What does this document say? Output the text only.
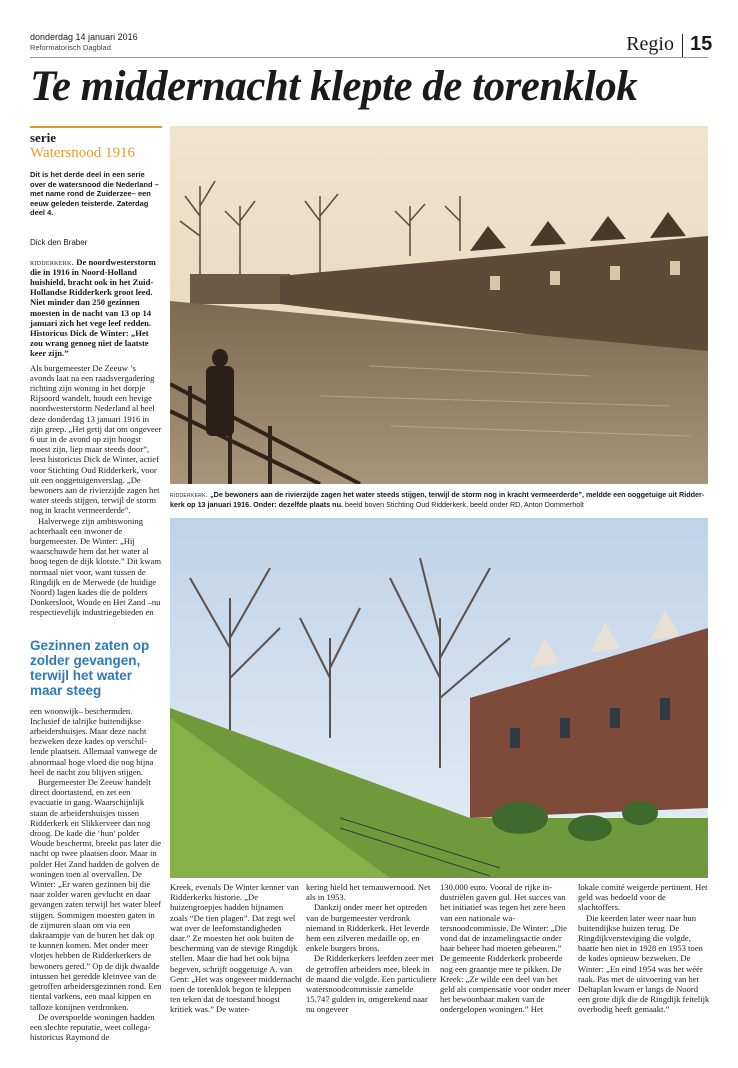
donderdag 14 januari 2016
Reformatorisch Dagblad	Regio 15
Te middernacht klepte de torenklok
serie
Watersnood 1916
Dit is het derde deel in een serie over de watersnood die Nederland –met name rond de Zuiderzee– een eeuw geleden teisterde. Zaterdag deel 4.
Dick den Braber
ridderkerk. De noordwesterstorm die in 1916 in Noord-Holland huishield, bracht ook in het Zuid-Hollandse Ridderkerk groot leed. Niet minder dan 250 gezinnen moesten in de nacht van 13 op 14 januari zich het vege leef redden. Historicus Dick de Winter: „Het zou wrang genoeg niet de laatste keer zijn.”

Als burgemeester De Zeeuw ’s avonds laat na een raadsvergadering richting zijn woning in het dorpje Rijsoord wandelt, houdt een hevige noordwesterstorm Nederland al heel deze donderdag 13 januari 1916 in zijn greep. „Het getij dat om ongeveer 6 uur in de avond op zijn hoogst moest zijn, liep maar steeds door”, leest historicus Dick de Winter, actief voor Stichting Oud Ridderkerk, voor uit een ooggetuigenverslag. „De bewoners aan de rivierzijde zagen het water steeds stijgen, terwijl de storm nog in kracht vermeerderde”.

Halverwege zijn ambtswoning achterhaalt een inwoner de burgemeester. De Winter: „Hij waarschuwde hem dat het water al hoog tegen de dijk klotste.” Dit kwam normaal niet voor, want tussen de Ringdijk en de Merwede (de huidige Noord) lagen kades die de polders Donkersloot, Woude en Het Zand –nu respectievelijk industriegebieden en

Gezinnen zaten op zolder gevangen, terwijl het water maar steeg

een woonwijk– beschermden. Inclusief de talrijke buitendijkse arbeidershuisjes. Maar deze nacht bezweken deze kades op verschillende plaatsen. Allemaal vanwege de abnormaal hoge vloed die nog bijna heel de nacht zou blijven stijgen.

Burgemeester De Zeeuw handelt direct doortastend, en zet een evacuatie in gang. Waarschijnlijk staan de arbeidershuisjes tussen Ridderkerk en Slikkerveer dan nog droog. De kade die ‘hun’ polder Woude beschermt, breekt pas later die nacht op twee plaatsen door. Maar in polder Het Zand hadden de golven de woningen toen al overvallen. De Winter: „Er waren gezinnen bij die naar zolder waren gevlucht en daar gevangen zaten terwijl het water bleef stijgen. Sommigen moesten gaten in de zijmuren slaan om via een dakraampje van de buren het dak op te kunnen komen. Met onder meer vlotjes hebben de Ridderkerkers de bewoners gered.” Op de dijk dwaalde intussen het geredde kleinvee van de getroffen arbeidersgezinnen rond. Een tiental varkens, een maal kippen en talloze konijnen verdronken.

De overspoelde woningen hadden een slechte reputatie, weet collega-historicus Raymond de

ridderkerk. „De bewoners aan de rivierzijde zagen het water steeds stijgen, terwijl de storm nog in kracht vermeerderde”, meldde een ooggetuige uit Ridderkerk op 13 januari 1916. Onder: dezelfde plaats nu. beeld boven Stichting Oud Ridderkerk, beeld onder RD, Anton Dommerholt

Kreek, evenals De Winter kenner van Ridderkerks historie. „De huizengroepjes hadden bijnamen zoals “De tien plagen”. Dat zegt wel wat over de leefomstandigheden daar.” Ze moesten het ook buiten de bescherming van de stevige Ringdijk stellen. Maar die had het ook bijna begeven, schrijft ooggetuige A. van Gent: „Het was ongeveer middernacht toen de torenklok begon te kleppen ten teken dat de toestand hoogst kritiek was.” De water-

kering hield het ternauwernood. Net als in 1953.

Dankzij onder meer het optreden van de burgemeester verdronk niemand in Ridderkerk. Het leverde hem een zilveren medaille op, en enkele burgers brons.

De Ridderkerkers leefden zeer met de getroffen arbeiders mee, bleek in de maand die volgde. Een particuliere watersnoodcommissie zamelde 15.747 gulden in, omgerekend naar nu ongeveer

130.000 euro. Vooral de rijke industriëlen gaven gul. Het succes van het initiatief was tegen het zere been van een nationale watersnoodcommissie. De Winter: „Die vond dat de inzamelingsactie onder haar beheer had moeten gebeuren.” De gemeente Ridderkerk probeerde nog een graantje mee te pikken. De Kreek: „Ze wilde een deel van het geld als compensatie voor onder meer het bewoonbaar maken van de ondergelopen woningen.” Het

lokale comité weigerde pertinent. Het geld was bedoeld voor de slachtoffers.

Die keerden later weer naar hun buitendijkse huizen terug. De Ringdijkversteviging die volgde, baatte hen niet in 1928 en 1953 toen de kades opnieuw bezweken. De Winter: „En eind 1954 was het wéér raak. Pas met de uitvoering van het Deltaplan kwam er langs de Noord een grote dijk die de Ringdijk feitelijk overbodig heeft gemaakt.”
